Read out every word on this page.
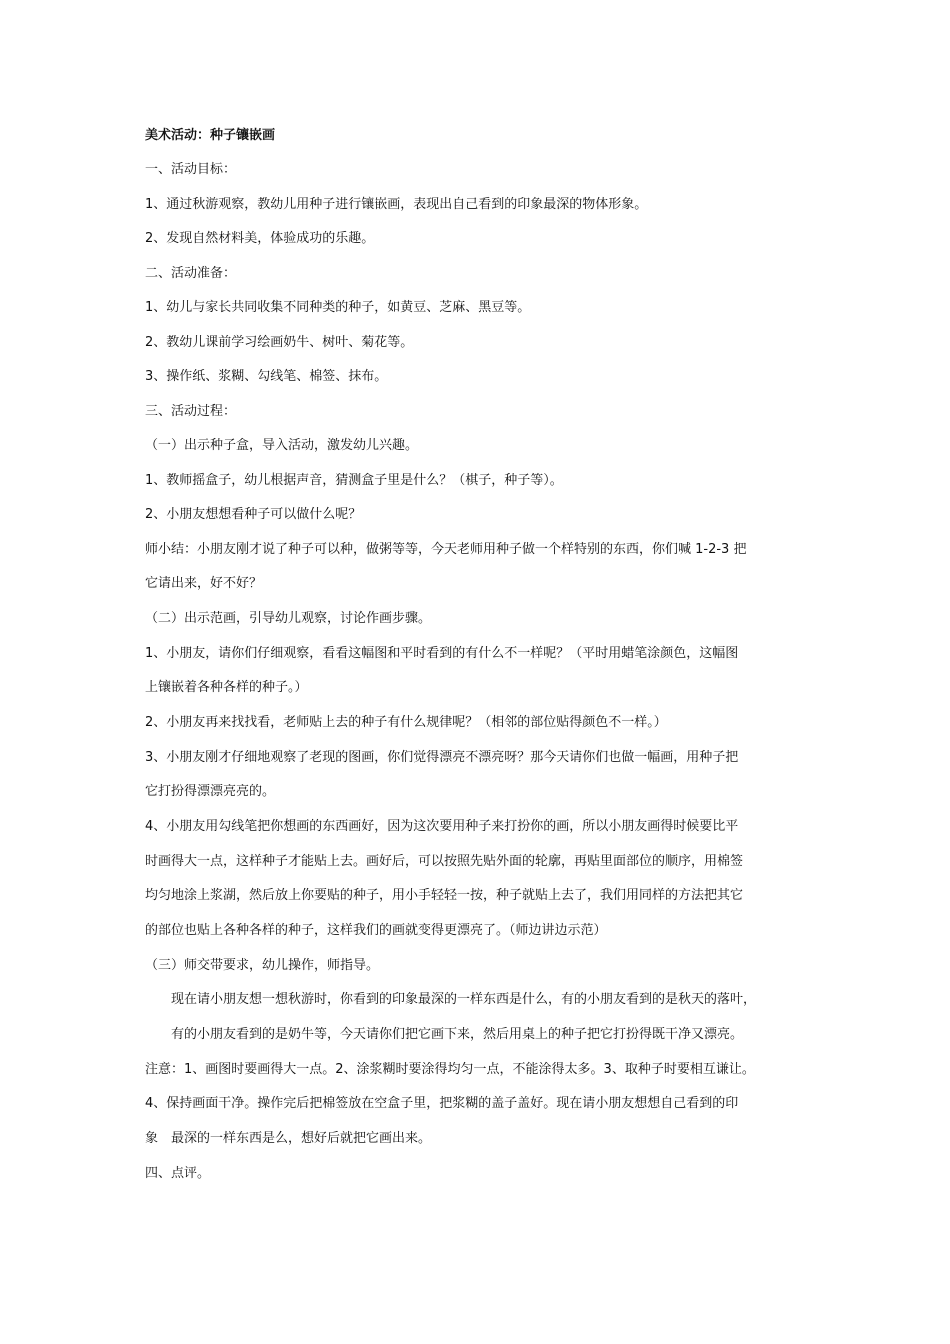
美术活动：种子镶嵌画
一、活动目标：
1、通过秋游观察，教幼儿用种子进行镶嵌画，表现出自己看到的印象最深的物体形象。
2、发现自然材料美，体验成功的乐趣。
二、活动准备：
1、幼儿与家长共同收集不同种类的种子，如黄豆、芝麻、黑豆等。
2、教幼儿课前学习绘画奶牛、树叶、菊花等。
3、操作纸、浆糊、勾线笔、棉签、抹布。
三、活动过程：
（一）出示种子盒，导入活动，激发幼儿兴趣。
1、教师摇盒子，幼儿根据声音，猜测盒子里是什么？（棋子，种子等）。
2、小朋友想想看种子可以做什么呢？
师小结：小朋友刚才说了种子可以种，做粥等等，今天老师用种子做一个样特别的东西，你们喊 1-2-3 把
它请出来，好不好？
（二）出示范画，引导幼儿观察，讨论作画步骤。
1、小朋友，请你们仔细观察，看看这幅图和平时看到的有什么不一样呢？（平时用蜡笔涂颜色，这幅图
上镶嵌着各种各样的种子。）
2、小朋友再来找找看，老师贴上去的种子有什么规律呢？（相邻的部位贴得颜色不一样。）
3、小朋友刚才仔细地观察了老现的图画，你们觉得漂亮不漂亮呀？那今天请你们也做一幅画，用种子把
它打扮得漂漂亮亮的。
4、小朋友用勾线笔把你想画的东西画好，因为这次要用种子来打扮你的画，所以小朋友画得时候要比平
时画得大一点，这样种子才能贴上去。画好后，可以按照先贴外面的轮廓，再贴里面部位的顺序，用棉签
均匀地涂上浆湖，然后放上你要贴的种子，用小手轻轻一按，种子就贴上去了，我们用同样的方法把其它
的部位也贴上各种各样的种子，这样我们的画就变得更漂亮了。（师边讲边示范）
（三）师交带要求，幼儿操作，师指导。
现在请小朋友想一想秋游时，你看到的印象最深的一样东西是什么，有的小朋友看到的是秋天的落叶，
有的小朋友看到的是奶牛等，今天请你们把它画下来，然后用桌上的种子把它打扮得既干净又漂亮。
注意：1、画图时要画得大一点。2、涂浆糊时要涂得均匀一点，不能涂得太多。3、取种子时要相互谦让。
4、保持画面干净。操作完后把棉签放在空盒子里，把浆糊的盖子盖好。现在请小朋友想想自己看到的印
象　最深的一样东西是么，想好后就把它画出来。
四、点评。
